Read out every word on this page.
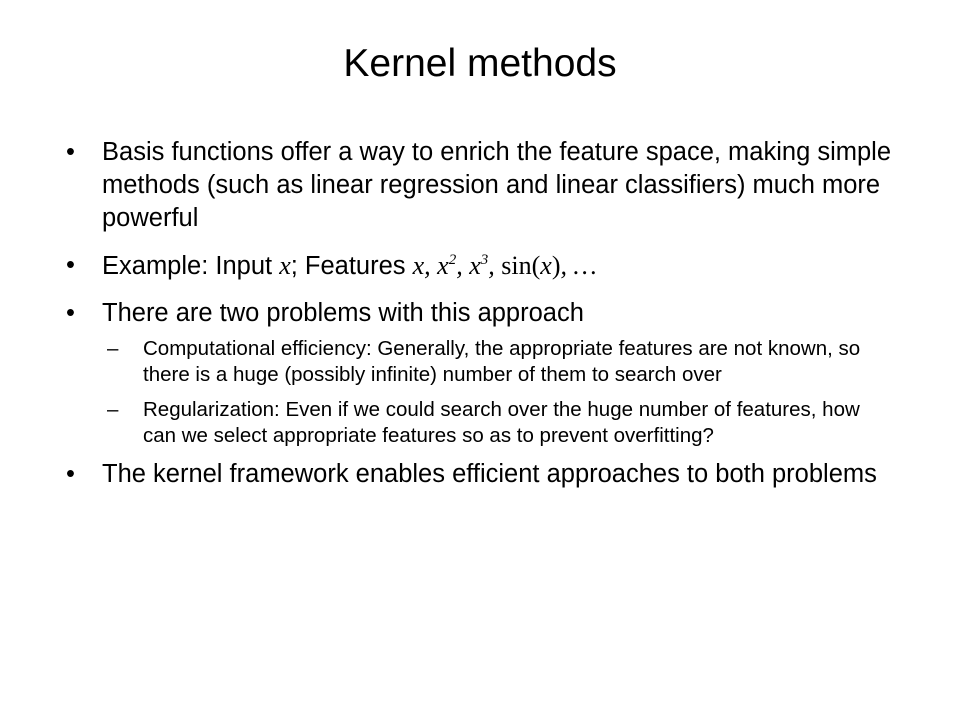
Kernel methods
• Basis functions offer a way to enrich the feature space, making simple methods (such as linear regression and linear classifiers) much more powerful
• Example: Input x; Features x, $x^2$, $x^3$, sin(x), …
• There are two problems with this approach
– Computational efficiency: Generally, the appropriate features are not known, so there is a huge (possibly infinite) number of them to search over
– Regularization: Even if we could search over the huge number of features, how can we select appropriate features so as to prevent overfitting?
• The kernel framework enables efficient approaches to both problems
